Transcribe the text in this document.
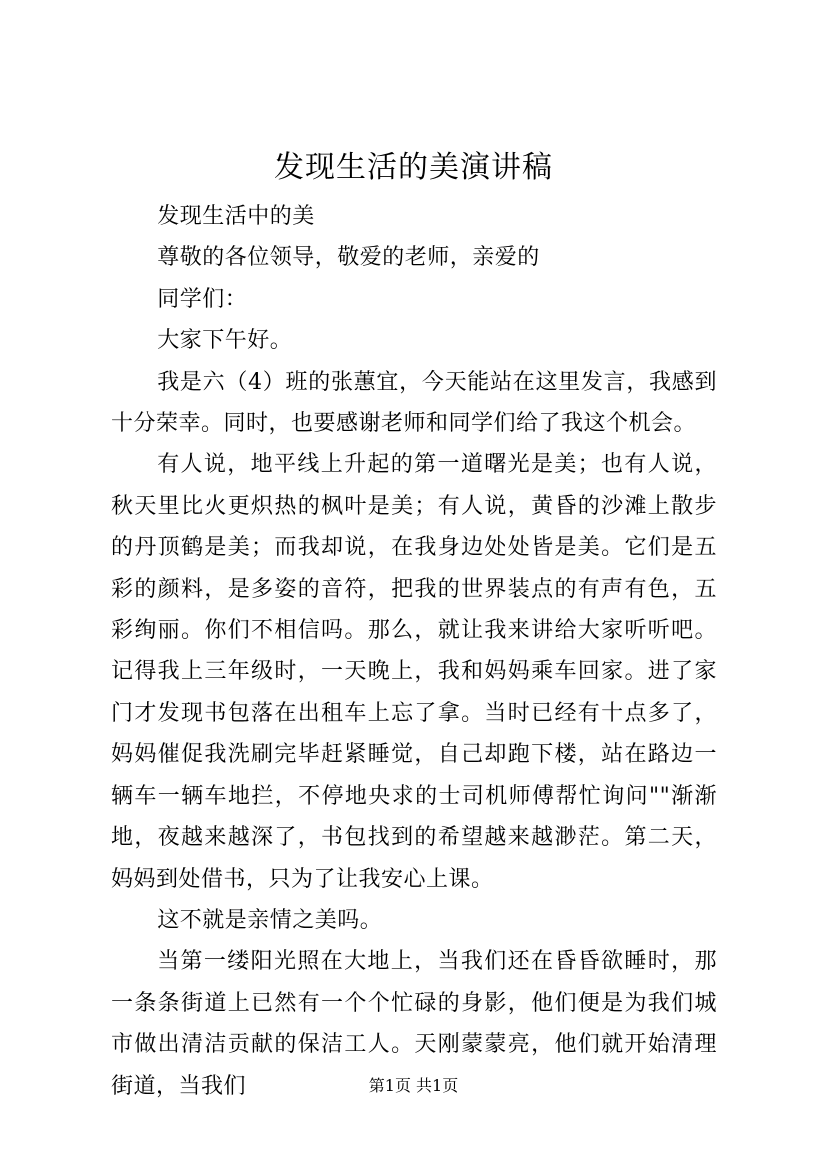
发现生活的美演讲稿

发现生活中的美

尊敬的各位领导，敬爱的老师，亲爱的

同学们：

大家下午好。

我是六（4）班的张蕙宜，今天能站在这里发言，我感到十分荣幸。同时，也要感谢老师和同学们给了我这个机会。

有人说，地平线上升起的第一道曙光是美；也有人说，秋天里比火更炽热的枫叶是美；有人说，黄昏的沙滩上散步的丹顶鹤是美；而我却说，在我身边处处皆是美。它们是五彩的颜料，是多姿的音符，把我的世界装点的有声有色，五彩绚丽。你们不相信吗。那么，就让我来讲给大家听听吧。记得我上三年级时，一天晚上，我和妈妈乘车回家。进了家门才发现书包落在出租车上忘了拿。当时已经有十点多了，妈妈催促我洗刷完毕赶紧睡觉，自己却跑下楼，站在路边一辆车一辆车地拦，不停地央求的士司机师傅帮忙询问""渐渐地，夜越来越深了，书包找到的希望越来越渺茫。第二天，妈妈到处借书，只为了让我安心上课。

这不就是亲情之美吗。

当第一缕阳光照在大地上，当我们还在昏昏欲睡时，那一条条街道上已然有一个个忙碌的身影，他们便是为我们城市做出清洁贡献的保洁工人。天刚蒙蒙亮，他们就开始清理街道，当我们	第1页 共1页
